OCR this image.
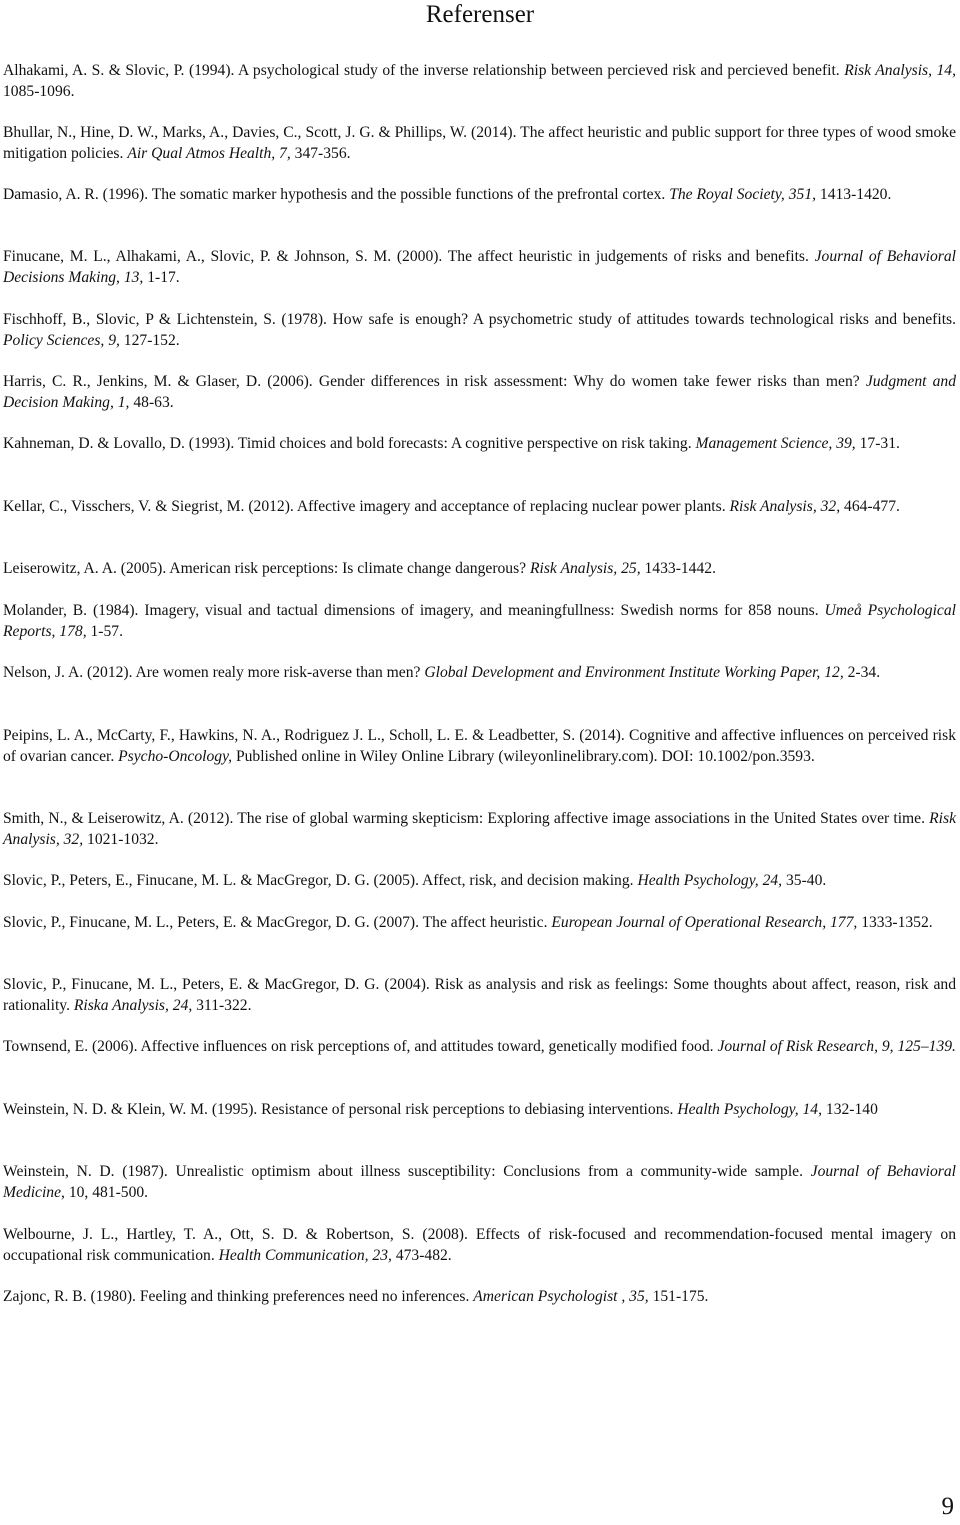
Referenser
Alhakami, A. S. & Slovic, P. (1994). A psychological study of the inverse relationship between percieved risk and percieved benefit. Risk Analysis, 14, 1085-1096.
Bhullar, N., Hine, D. W., Marks, A., Davies, C., Scott, J. G. & Phillips, W. (2014). The affect heuristic and public support for three types of wood smoke mitigation policies. Air Qual Atmos Health, 7, 347-356.
Damasio, A. R. (1996). The somatic marker hypothesis and the possible functions of the prefrontal cortex. The Royal Society, 351, 1413-1420.
Finucane, M. L., Alhakami, A., Slovic, P. & Johnson, S. M. (2000). The affect heuristic in judgements of risks and benefits. Journal of Behavioral Decisions Making, 13, 1-17.
Fischhoff, B., Slovic, P & Lichtenstein, S. (1978). How safe is enough? A psychometric study of attitudes towards technological risks and benefits. Policy Sciences, 9, 127-152.
Harris, C. R., Jenkins, M. & Glaser, D. (2006). Gender differences in risk assessment: Why do women take fewer risks than men? Judgment and Decision Making, 1, 48-63.
Kahneman, D. & Lovallo, D. (1993). Timid choices and bold forecasts: A cognitive perspective on risk taking. Management Science, 39, 17-31.
Kellar, C., Visschers, V. & Siegrist, M. (2012). Affective imagery and acceptance of replacing nuclear power plants. Risk Analysis, 32, 464-477.
Leiserowitz, A. A. (2005). American risk perceptions: Is climate change dangerous? Risk Analysis, 25, 1433-1442.
Molander, B. (1984). Imagery, visual and tactual dimensions of imagery, and meaningfullness: Swedish norms for 858 nouns. Umeå Psychological Reports, 178, 1-57.
Nelson, J. A. (2012). Are women realy more risk-averse than men? Global Development and Environment Institute Working Paper, 12, 2-34.
Peipins, L. A., McCarty, F., Hawkins, N. A., Rodriguez J. L., Scholl, L. E. & Leadbetter, S. (2014). Cognitive and affective influences on perceived risk of ovarian cancer. Psycho-Oncology, Published online in Wiley Online Library (wileyonlinelibrary.com). DOI: 10.1002/pon.3593.
Smith, N., & Leiserowitz, A. (2012). The rise of global warming skepticism: Exploring affective image associations in the United States over time. Risk Analysis, 32, 1021-1032.
Slovic, P., Peters, E., Finucane, M. L. & MacGregor, D. G. (2005). Affect, risk, and decision making. Health Psychology, 24, 35-40.
Slovic, P., Finucane, M. L., Peters, E. & MacGregor, D. G. (2007). The affect heuristic. European Journal of Operational Research, 177, 1333-1352.
Slovic, P., Finucane, M. L., Peters, E. & MacGregor, D. G. (2004). Risk as analysis and risk as feelings: Some thoughts about affect, reason, risk and rationality. Riska Analysis, 24, 311-322.
Townsend, E. (2006). Affective influences on risk perceptions of, and attitudes toward, genetically modified food. Journal of Risk Research, 9, 125–139.
Weinstein, N. D. & Klein, W. M. (1995). Resistance of personal risk perceptions to debiasing interventions. Health Psychology, 14, 132-140
Weinstein, N. D. (1987). Unrealistic optimism about illness susceptibility: Conclusions from a community-wide sample. Journal of Behavioral Medicine, 10, 481-500.
Welbourne, J. L., Hartley, T. A., Ott, S. D. & Robertson, S. (2008). Effects of risk-focused and recommendation-focused mental imagery on occupational risk communication. Health Communication, 23, 473-482.
Zajonc, R. B. (1980). Feeling and thinking preferences need no inferences. American Psychologist , 35, 151-175.
9
